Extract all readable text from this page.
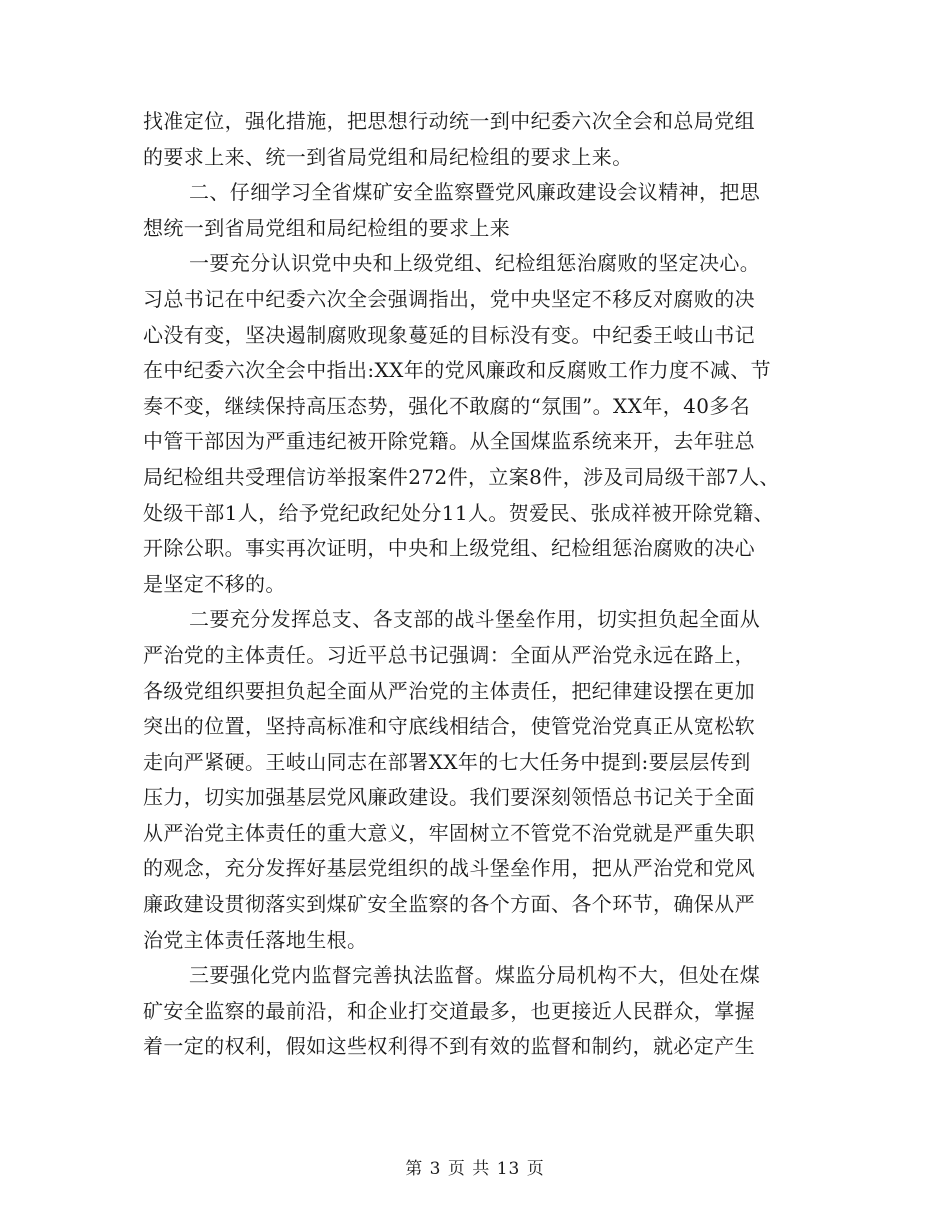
找准定位，强化措施，把思想行动统一到中纪委六次全会和总局党组
的要求上来、统一到省局党组和局纪检组的要求上来。
二、仔细学习全省煤矿安全监察暨党风廉政建设会议精神，把思
想统一到省局党组和局纪检组的要求上来
一要充分认识党中央和上级党组、纪检组惩治腐败的坚定决心。
习总书记在中纪委六次全会强调指出，党中央坚定不移反对腐败的决
心没有变，坚决遏制腐败现象蔓延的目标没有变。中纪委王岐山书记
在中纪委六次全会中指出:XX年的党风廉政和反腐败工作力度不减、节
奏不变，继续保持高压态势，强化不敢腐的“氛围”。XX年，40多名
中管干部因为严重违纪被开除党籍。从全国煤监系统来开，去年驻总
局纪检组共受理信访举报案件272件，立案8件，涉及司局级干部7人、
处级干部1人，给予党纪政纪处分11人。贺爱民、张成祥被开除党籍、
开除公职。事实再次证明，中央和上级党组、纪检组惩治腐败的决心
是坚定不移的。
二要充分发挥总支、各支部的战斗堡垒作用，切实担负起全面从
严治党的主体责任。习近平总书记强调：全面从严治党永远在路上，
各级党组织要担负起全面从严治党的主体责任，把纪律建设摆在更加
突出的位置，坚持高标准和守底线相结合，使管党治党真正从宽松软
走向严紧硬。王岐山同志在部署XX年的七大任务中提到:要层层传到
压力，切实加强基层党风廉政建设。我们要深刻领悟总书记关于全面
从严治党主体责任的重大意义，牢固树立不管党不治党就是严重失职
的观念，充分发挥好基层党组织的战斗堡垒作用，把从严治党和党风
廉政建设贯彻落实到煤矿安全监察的各个方面、各个环节，确保从严
治党主体责任落地生根。
三要强化党内监督完善执法监督。煤监分局机构不大，但处在煤
矿安全监察的最前沿，和企业打交道最多，也更接近人民群众，掌握
着一定的权利，假如这些权利得不到有效的监督和制约，就必定产生
第 3 页 共 13 页
